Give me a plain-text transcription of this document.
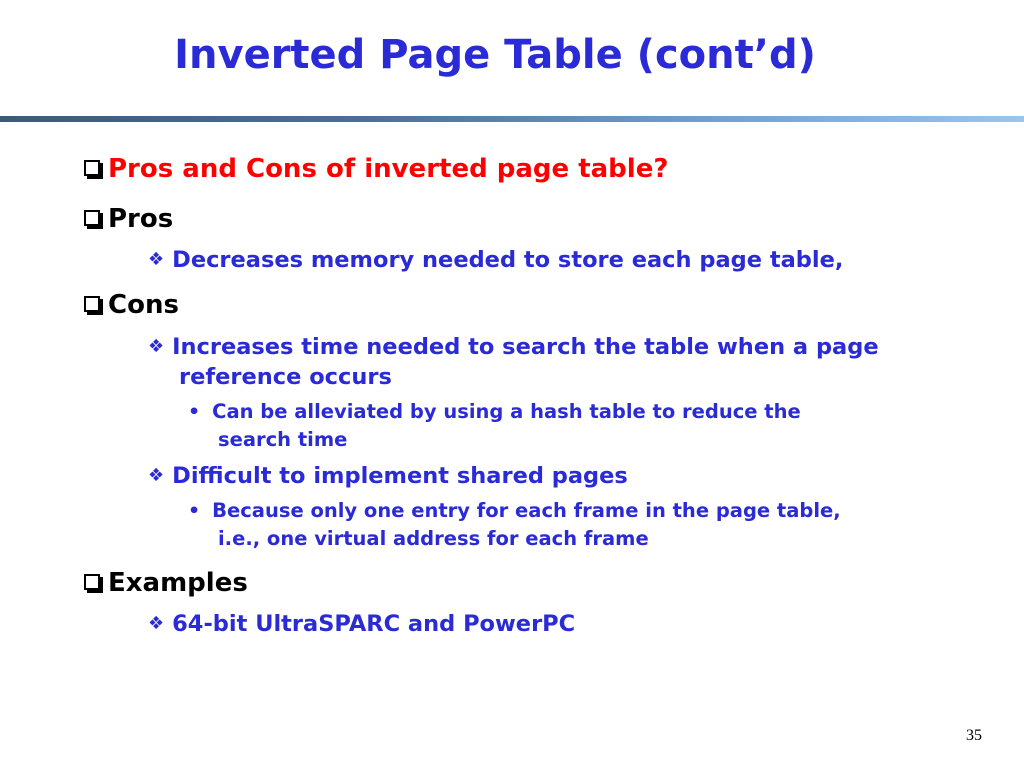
Inverted Page Table (cont’d)
Pros and Cons of inverted page table?
Pros
❖ Decreases memory needed to store each page table,
Cons
❖ Increases time needed to search the table when a page
reference occurs
• Can be alleviated by using a hash table to reduce the
search time
❖ Difficult to implement shared pages
• Because only one entry for each frame in the page table,
i.e., one virtual address for each frame
Examples
❖ 64-bit UltraSPARC and PowerPC
35
